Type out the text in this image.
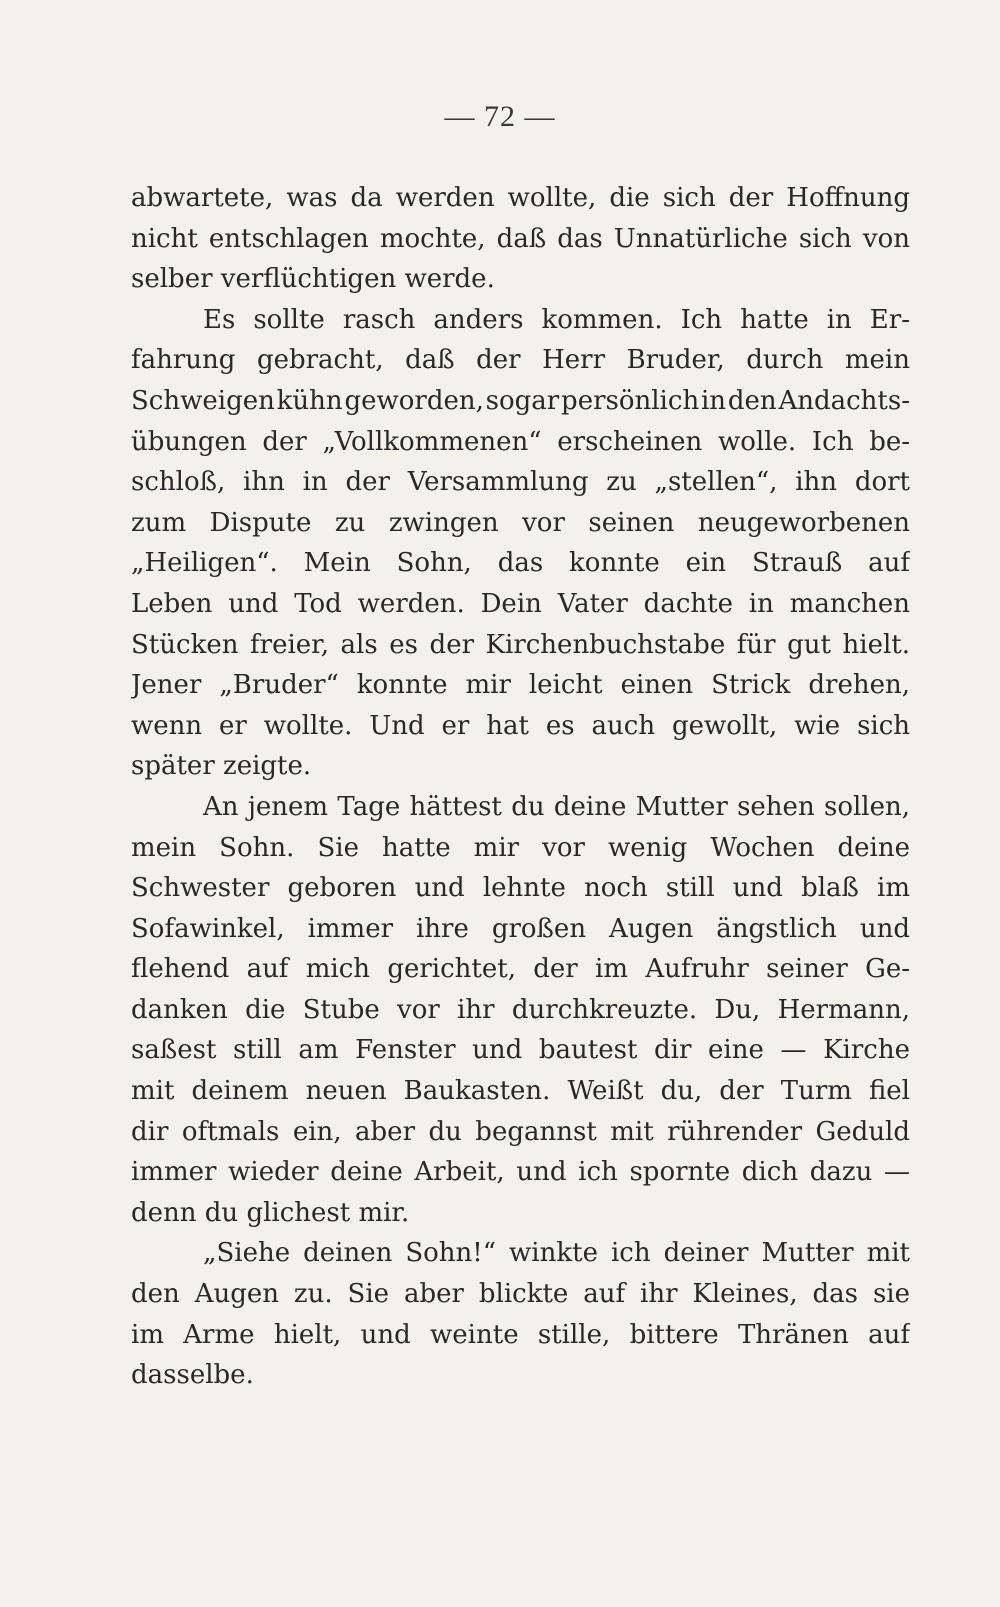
— 72 —

abwartete, was da werden wollte, die sich der Hoffnung
nicht entschlagen mochte, daß das Unnatürliche sich von
selber verflüchtigen werde.

Es sollte rasch anders kommen. Ich hatte in Er-
fahrung gebracht, daß der Herr Bruder, durch mein
Schweigen kühn geworden, sogar persönlich in den Andachts-
übungen der „Vollkommenen“ erscheinen wolle. Ich be-
schloß, ihn in der Versammlung zu „stellen“, ihn dort
zum Dispute zu zwingen vor seinen neugeworbenen
„Heiligen“. Mein Sohn, das konnte ein Strauß auf
Leben und Tod werden. Dein Vater dachte in manchen
Stücken freier, als es der Kirchenbuchstabe für gut hielt.
Jener „Bruder“ konnte mir leicht einen Strick drehen,
wenn er wollte. Und er hat es auch gewollt, wie sich
später zeigte.

An jenem Tage hättest du deine Mutter sehen sollen,
mein Sohn. Sie hatte mir vor wenig Wochen deine
Schwester geboren und lehnte noch still und blaß im
Sofawinkel, immer ihre großen Augen ängstlich und
flehend auf mich gerichtet, der im Aufruhr seiner Ge-
danken die Stube vor ihr durchkreuzte. Du, Hermann,
saßest still am Fenster und bautest dir eine — Kirche
mit deinem neuen Baukasten. Weißt du, der Turm fiel
dir oftmals ein, aber du begannst mit rührender Geduld
immer wieder deine Arbeit, und ich spornte dich dazu —
denn du glichest mir.

„Siehe deinen Sohn!“ winkte ich deiner Mutter mit
den Augen zu. Sie aber blickte auf ihr Kleines, das sie
im Arme hielt, und weinte stille, bittere Thränen auf
dasselbe.
